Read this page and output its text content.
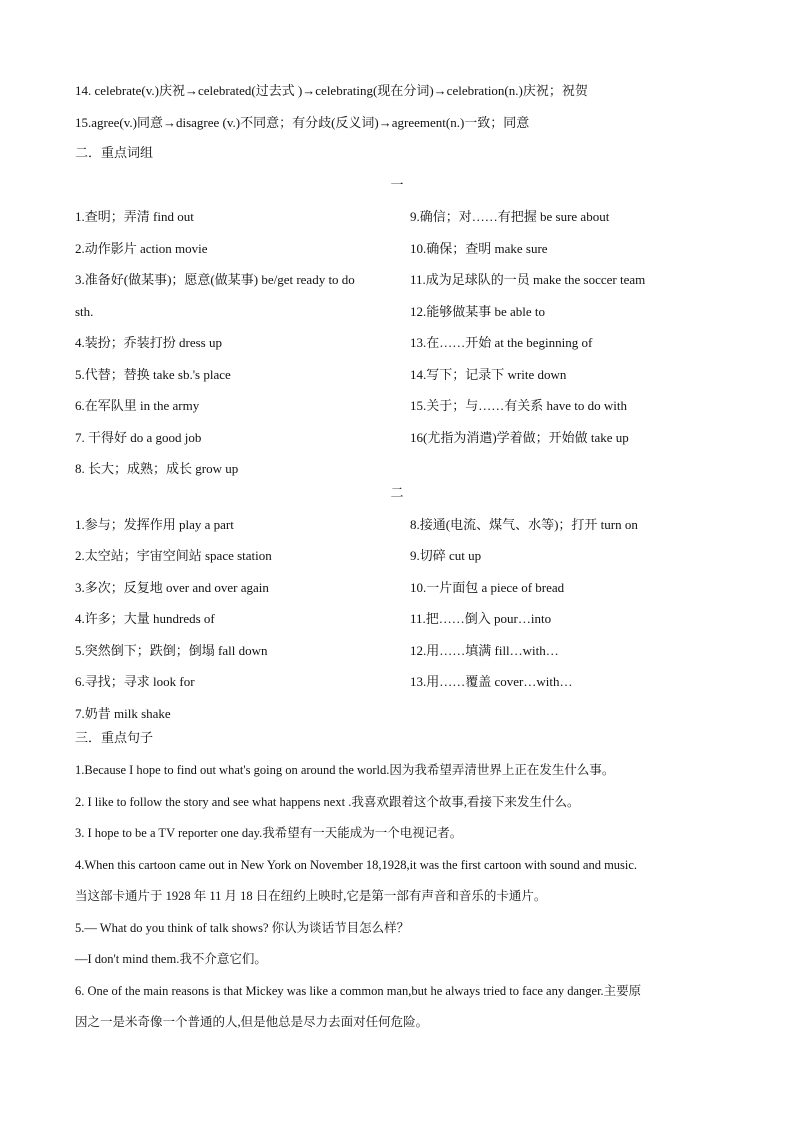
14. celebrate(v.)庆祝→celebrated(过去式 )→celebrating(现在分词)→celebration(n.)庆祝；祝贺
15.agree(v.)同意→disagree (v.)不同意；有分歧(反义词)→agreement(n.)一致；同意
二．重点词组
一
1.查明；弄清 find out
2.动作影片 action movie
3.准备好(做某事)；愿意(做某事) be/get ready to do
sth.
4.装扮；乔装打扮 dress up
5.代替；替换 take sb.'s place
6.在军队里 in the army
7. 干得好 do a good job
8. 长大；成熟；成长 grow up
9.确信；对……有把握 be sure about
10.确保；查明 make sure
11.成为足球队的一员 make the soccer team
12.能够做某事 be able to
13.在……开始 at the beginning of
14.写下；记录下 write down
15.关于；与……有关系 have to do with
16(尤指为消遣)学着做；开始做 take up
二
1.参与；发挥作用 play a part
2.太空站；宇宙空间站 space station
3.多次；反复地 over and over again
4.许多；大量 hundreds of
5.突然倒下；跌倒；倒塌 fall down
6.寻找；寻求 look for
7.奶昔 milk shake
8.接通(电流、煤气、水等)；打开 turn on
9.切碎 cut up
10.一片面包 a piece of bread
11.把……倒入 pour…into
12.用……填满 fill…with…
13.用……覆盖 cover…with…
三．重点句子
1.Because I hope to find out what's going on around the world.因为我希望弄清世界上正在发生什么事。
2. I like to follow the story and see what happens next .我喜欢跟着这个故事,看接下来发生什么。
3. I hope to be a TV reporter one day.我希望有一天能成为一个电视记者。
4.When this cartoon came out in New York on November 18,1928,it was the first cartoon with sound and music.
当这部卡通片于 1928 年 11 月 18 日在纽约上映时,它是第一部有声音和音乐的卡通片。
5.— What do you think of talk shows? 你认为谈话节目怎么样？
—I don't mind them.我不介意它们。
6. One of the main reasons is that Mickey was like a common man,but he always tried to face any danger.主要原
因之一是米奇像一个普通的人,但是他总是尽力去面对任何危险。
